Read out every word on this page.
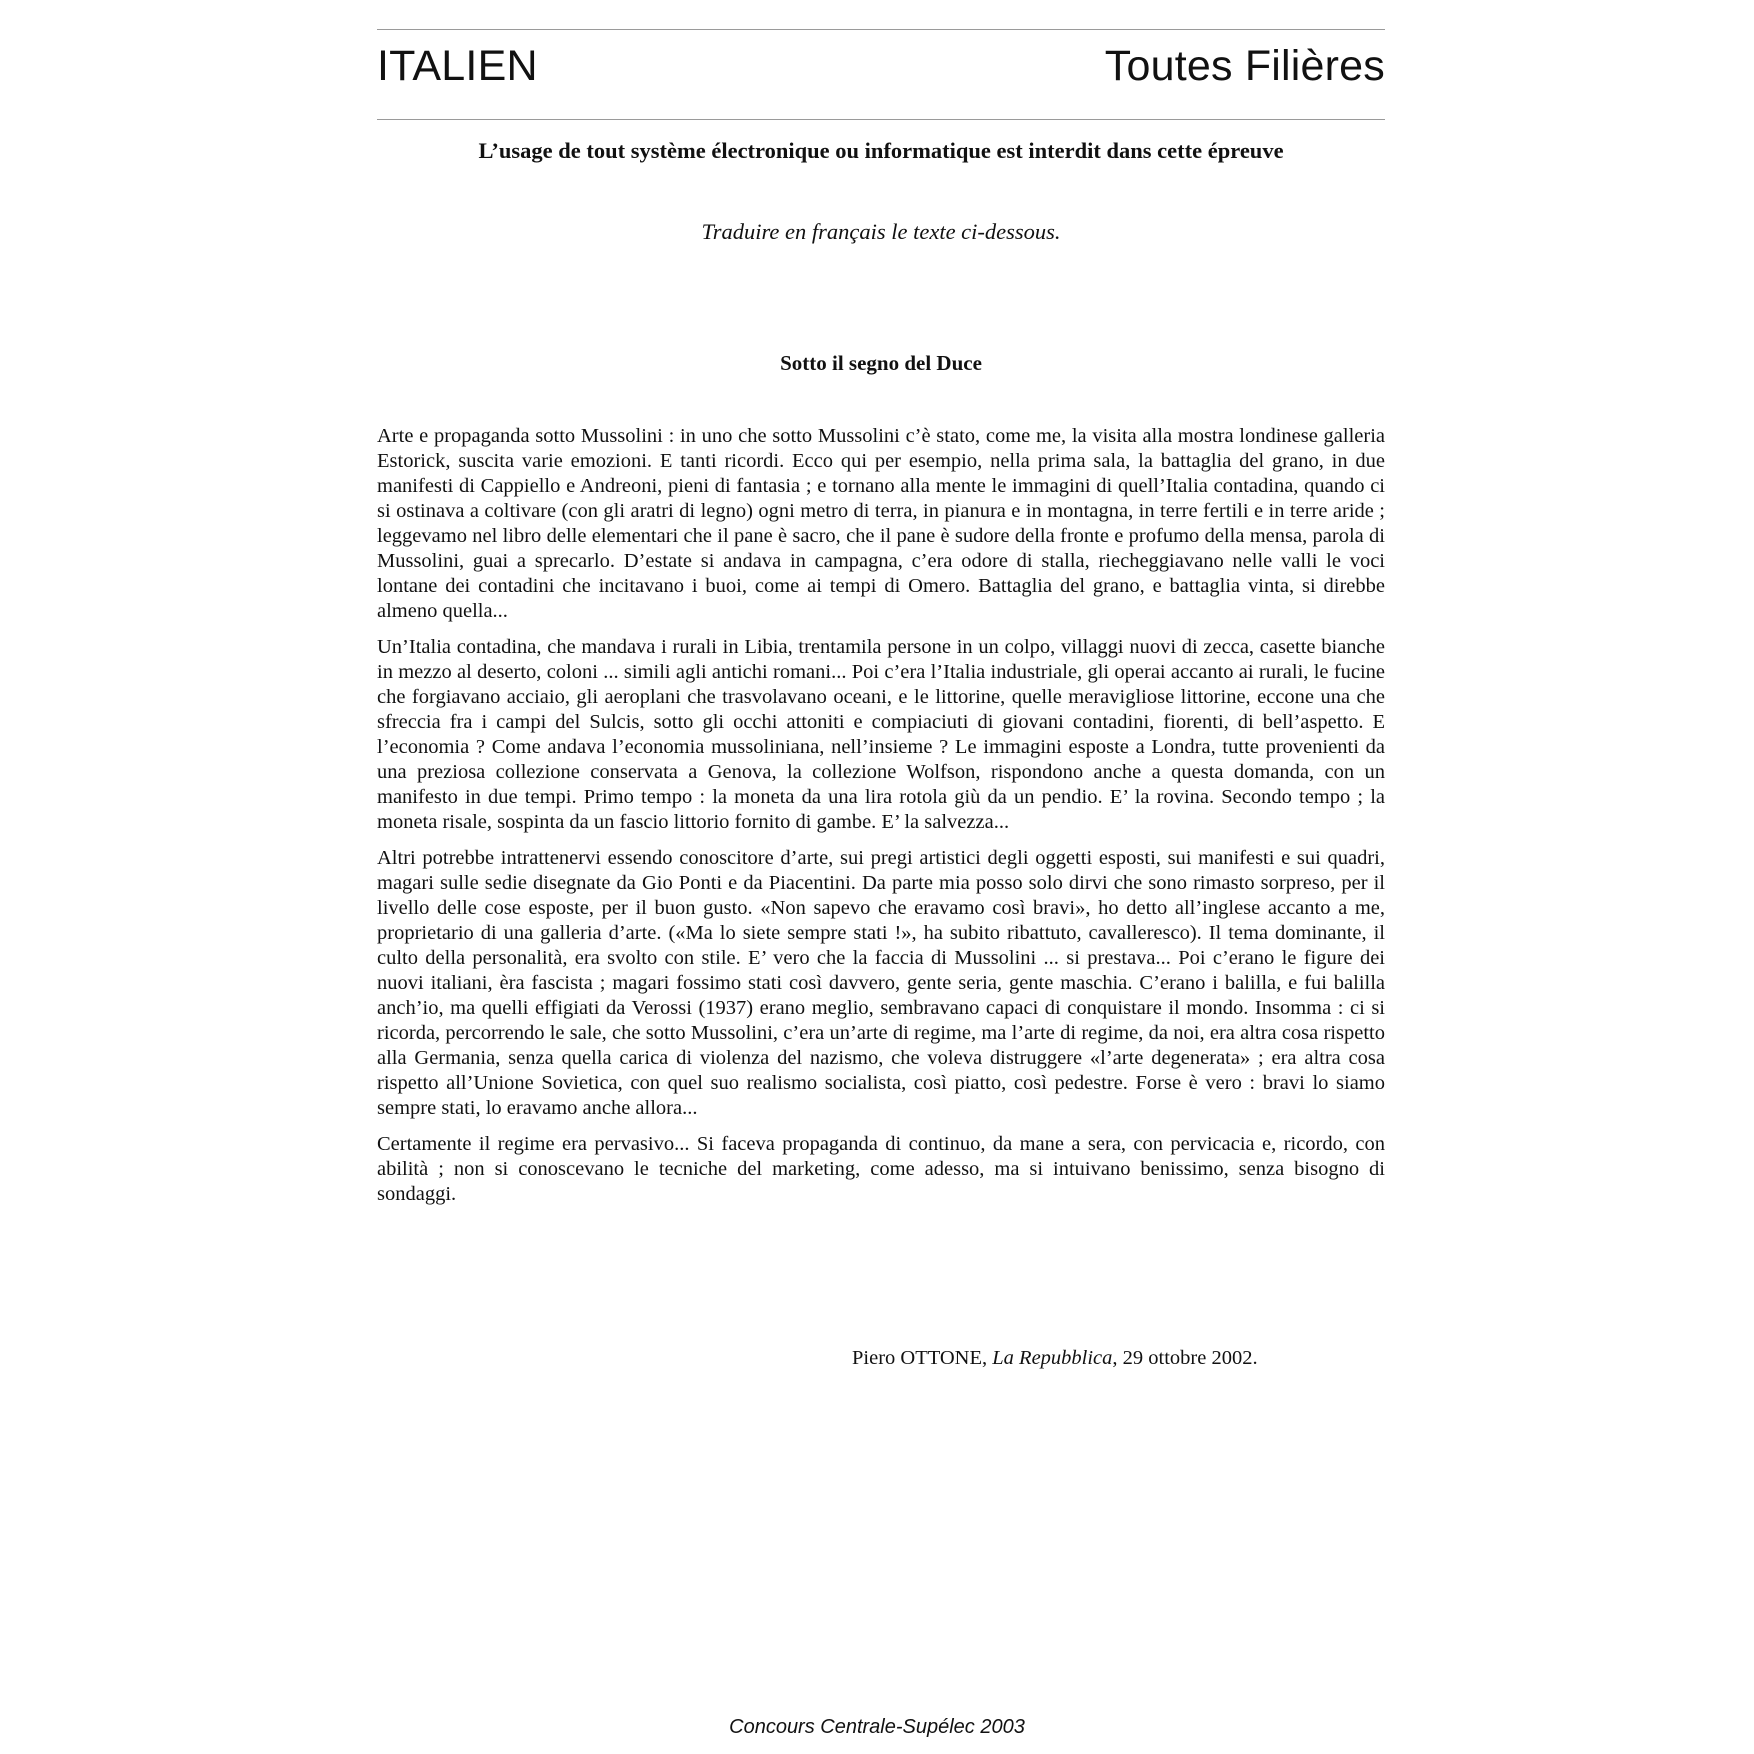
ITALIEN	Toutes Filières
L’usage de tout système électronique ou informatique est interdit dans cette épreuve
Traduire en français le texte ci-dessous.
Sotto il segno del Duce

Arte e propaganda sotto Mussolini : in uno che sotto Mussolini c’è stato, come me, la visita alla mostra londinese galleria Estorick, suscita varie emozioni. E tanti ricordi. Ecco qui per esempio, nella prima sala, la battaglia del grano, in due manifesti di Cappiello e Andreoni, pieni di fantasia ; e tornano alla mente le immagini di quell’Italia contadina, quando ci si ostinava a coltivare (con gli aratri di legno) ogni metro di terra, in pianura e in montagna, in terre fertili e in terre aride ; leggevamo nel libro delle elementari che il pane è sacro, che il pane è sudore della fronte e profumo della mensa, parola di Mussolini, guai a sprecarlo. D’estate si andava in campagna, c’era odore di stalla, riecheggiavano nelle valli le voci lontane dei contadini che incitavano i buoi, come ai tempi di Omero. Battaglia del grano, e battaglia vinta, si direbbe almeno quella...

Un’Italia contadina, che mandava i rurali in Libia, trentamila persone in un colpo, villaggi nuovi di zecca, casette bianche in mezzo al deserto, coloni ... simili agli antichi romani... Poi c’era l’Italia industriale, gli operai accanto ai rurali, le fucine che forgiavano acciaio, gli aeroplani che trasvolavano oceani, e le littorine, quelle meravigliose littorine, eccone una che sfreccia fra i campi del Sulcis, sotto gli occhi attoniti e compiaciuti di giovani contadini, fiorenti, di bell’aspetto. E l’economia ? Come andava l’economia mussoliniana, nell’insieme ? Le immagini esposte a Londra, tutte provenienti da una preziosa collezione conservata a Genova, la collezione Wolfson, rispondono anche a questa domanda, con un manifesto in due tempi. Primo tempo : la moneta da una lira rotola giù da un pendio. E’ la rovina. Secondo tempo ; la moneta risale, sospinta da un fascio littorio fornito di gambe. E’ la salvezza...

Altri potrebbe intrattenervi essendo conoscitore d’arte, sui pregi artistici degli oggetti esposti, sui manifesti e sui quadri, magari sulle sedie disegnate da Gio Ponti e da Piacentini. Da parte mia posso solo dirvi che sono rimasto sorpreso, per il livello delle cose esposte, per il buon gusto. «Non sapevo che eravamo così bravi», ho detto all’inglese accanto a me, proprietario di una galleria d’arte. («Ma lo siete sempre stati !», ha subito ribattuto, cavalleresco). Il tema dominante, il culto della personalità, era svolto con stile. E’ vero che la faccia di Mussolini ... si prestava... Poi c’erano le figure dei nuovi italiani, èra fascista ; magari fossimo stati così davvero, gente seria, gente maschia. C’erano i balilla, e fui balilla anch’io, ma quelli effigiati da Verossi (1937) erano meglio, sembravano capaci di conquistare il mondo. Insomma : ci si ricorda, percorrendo le sale, che sotto Mussolini, c’era un’arte di regime, ma l’arte di regime, da noi, era altra cosa rispetto alla Germania, senza quella carica di violenza del nazismo, che voleva distruggere «l’arte degenerata» ; era altra cosa rispetto all’Unione Sovietica, con quel suo realismo socialista, così piatto, così pedestre. Forse è vero : bravi lo siamo sempre stati, lo eravamo anche allora...

Certamente il regime era pervasivo... Si faceva propaganda di continuo, da mane a sera, con pervicacia e, ricordo, con abilità ; non si conoscevano le tecniche del marketing, come adesso, ma si intuivano benissimo, senza bisogno di sondaggi.

Piero OTTONE, La Repubblica, 29 ottobre 2002.
Concours Centrale-Supélec 2003
